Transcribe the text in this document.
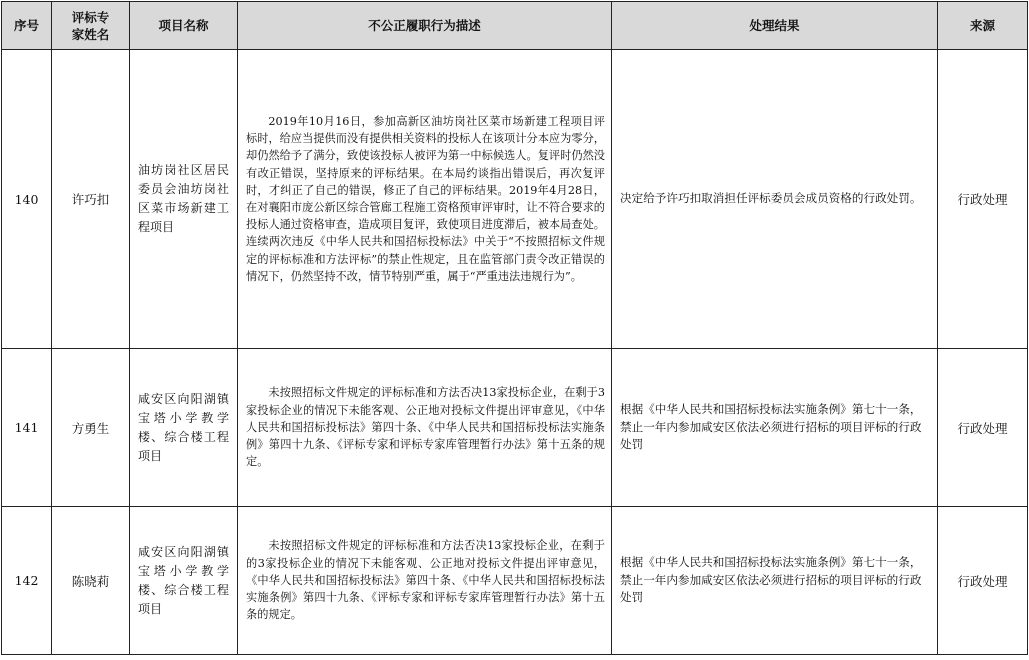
序号	评标专家姓名	项目名称	不公正履职行为描述	处理结果	来源
140	许巧扣	油坊岗社区居民委员会油坊岗社区菜市场新建工程项目	2019年10月16日，参加高新区油坊岗社区菜市场新建工程项目评标时，给应当提供而没有提供相关资料的投标人在该项计分本应为零分，却仍然给予了满分，致使该投标人被评为第一中标候选人。复评时仍然没有改正错误，坚持原来的评标结果。在本局约谈指出错误后，再次复评时，才纠正了自己的错误，修正了自己的评标结果。2019年4月28日，在对襄阳市庞公新区综合管廊工程施工资格预审评审时，让不符合要求的投标人通过资格审查，造成项目复评，致使项目进度滞后，被本局查处。连续两次违反《中华人民共和国招标投标法》中关于“不按照招标文件规定的评标标准和方法评标”的禁止性规定，且在监管部门责令改正错误的情况下，仍然坚持不改，情节特别严重，属于“严重违法违规行为”。	决定给予许巧扣取消担任评标委员会成员资格的行政处罚。	行政处理
141	方勇生	咸安区向阳湖镇宝塔小学教学楼、综合楼工程项目	未按照招标文件规定的评标标准和方法否决13家投标企业，在剩于3家投标企业的情况下未能客观、公正地对投标文件提出评审意见，《中华人民共和国招标投标法》第四十条、《中华人民共和国招标投标法实施条例》第四十九条、《评标专家和评标专家库管理暂行办法》第十五条的规定。	根据《中华人民共和国招标投标法实施条例》第七十一条，禁止一年内参加咸安区依法必须进行招标的项目评标的行政处罚	行政处理
142	陈晓莉	咸安区向阳湖镇宝塔小学教学楼、综合楼工程项目	未按照招标文件规定的评标标准和方法否决13家投标企业，在剩于的3家投标企业的情况下未能客观、公正地对投标文件提出评审意见，《中华人民共和国招标投标法》第四十条、《中华人民共和国招标投标法实施条例》第四十九条、《评标专家和评标专家库管理暂行办法》第十五条的规定。	根据《中华人民共和国招标投标法实施条例》第七十一条，禁止一年内参加咸安区依法必须进行招标的项目评标的行政处罚	行政处理
